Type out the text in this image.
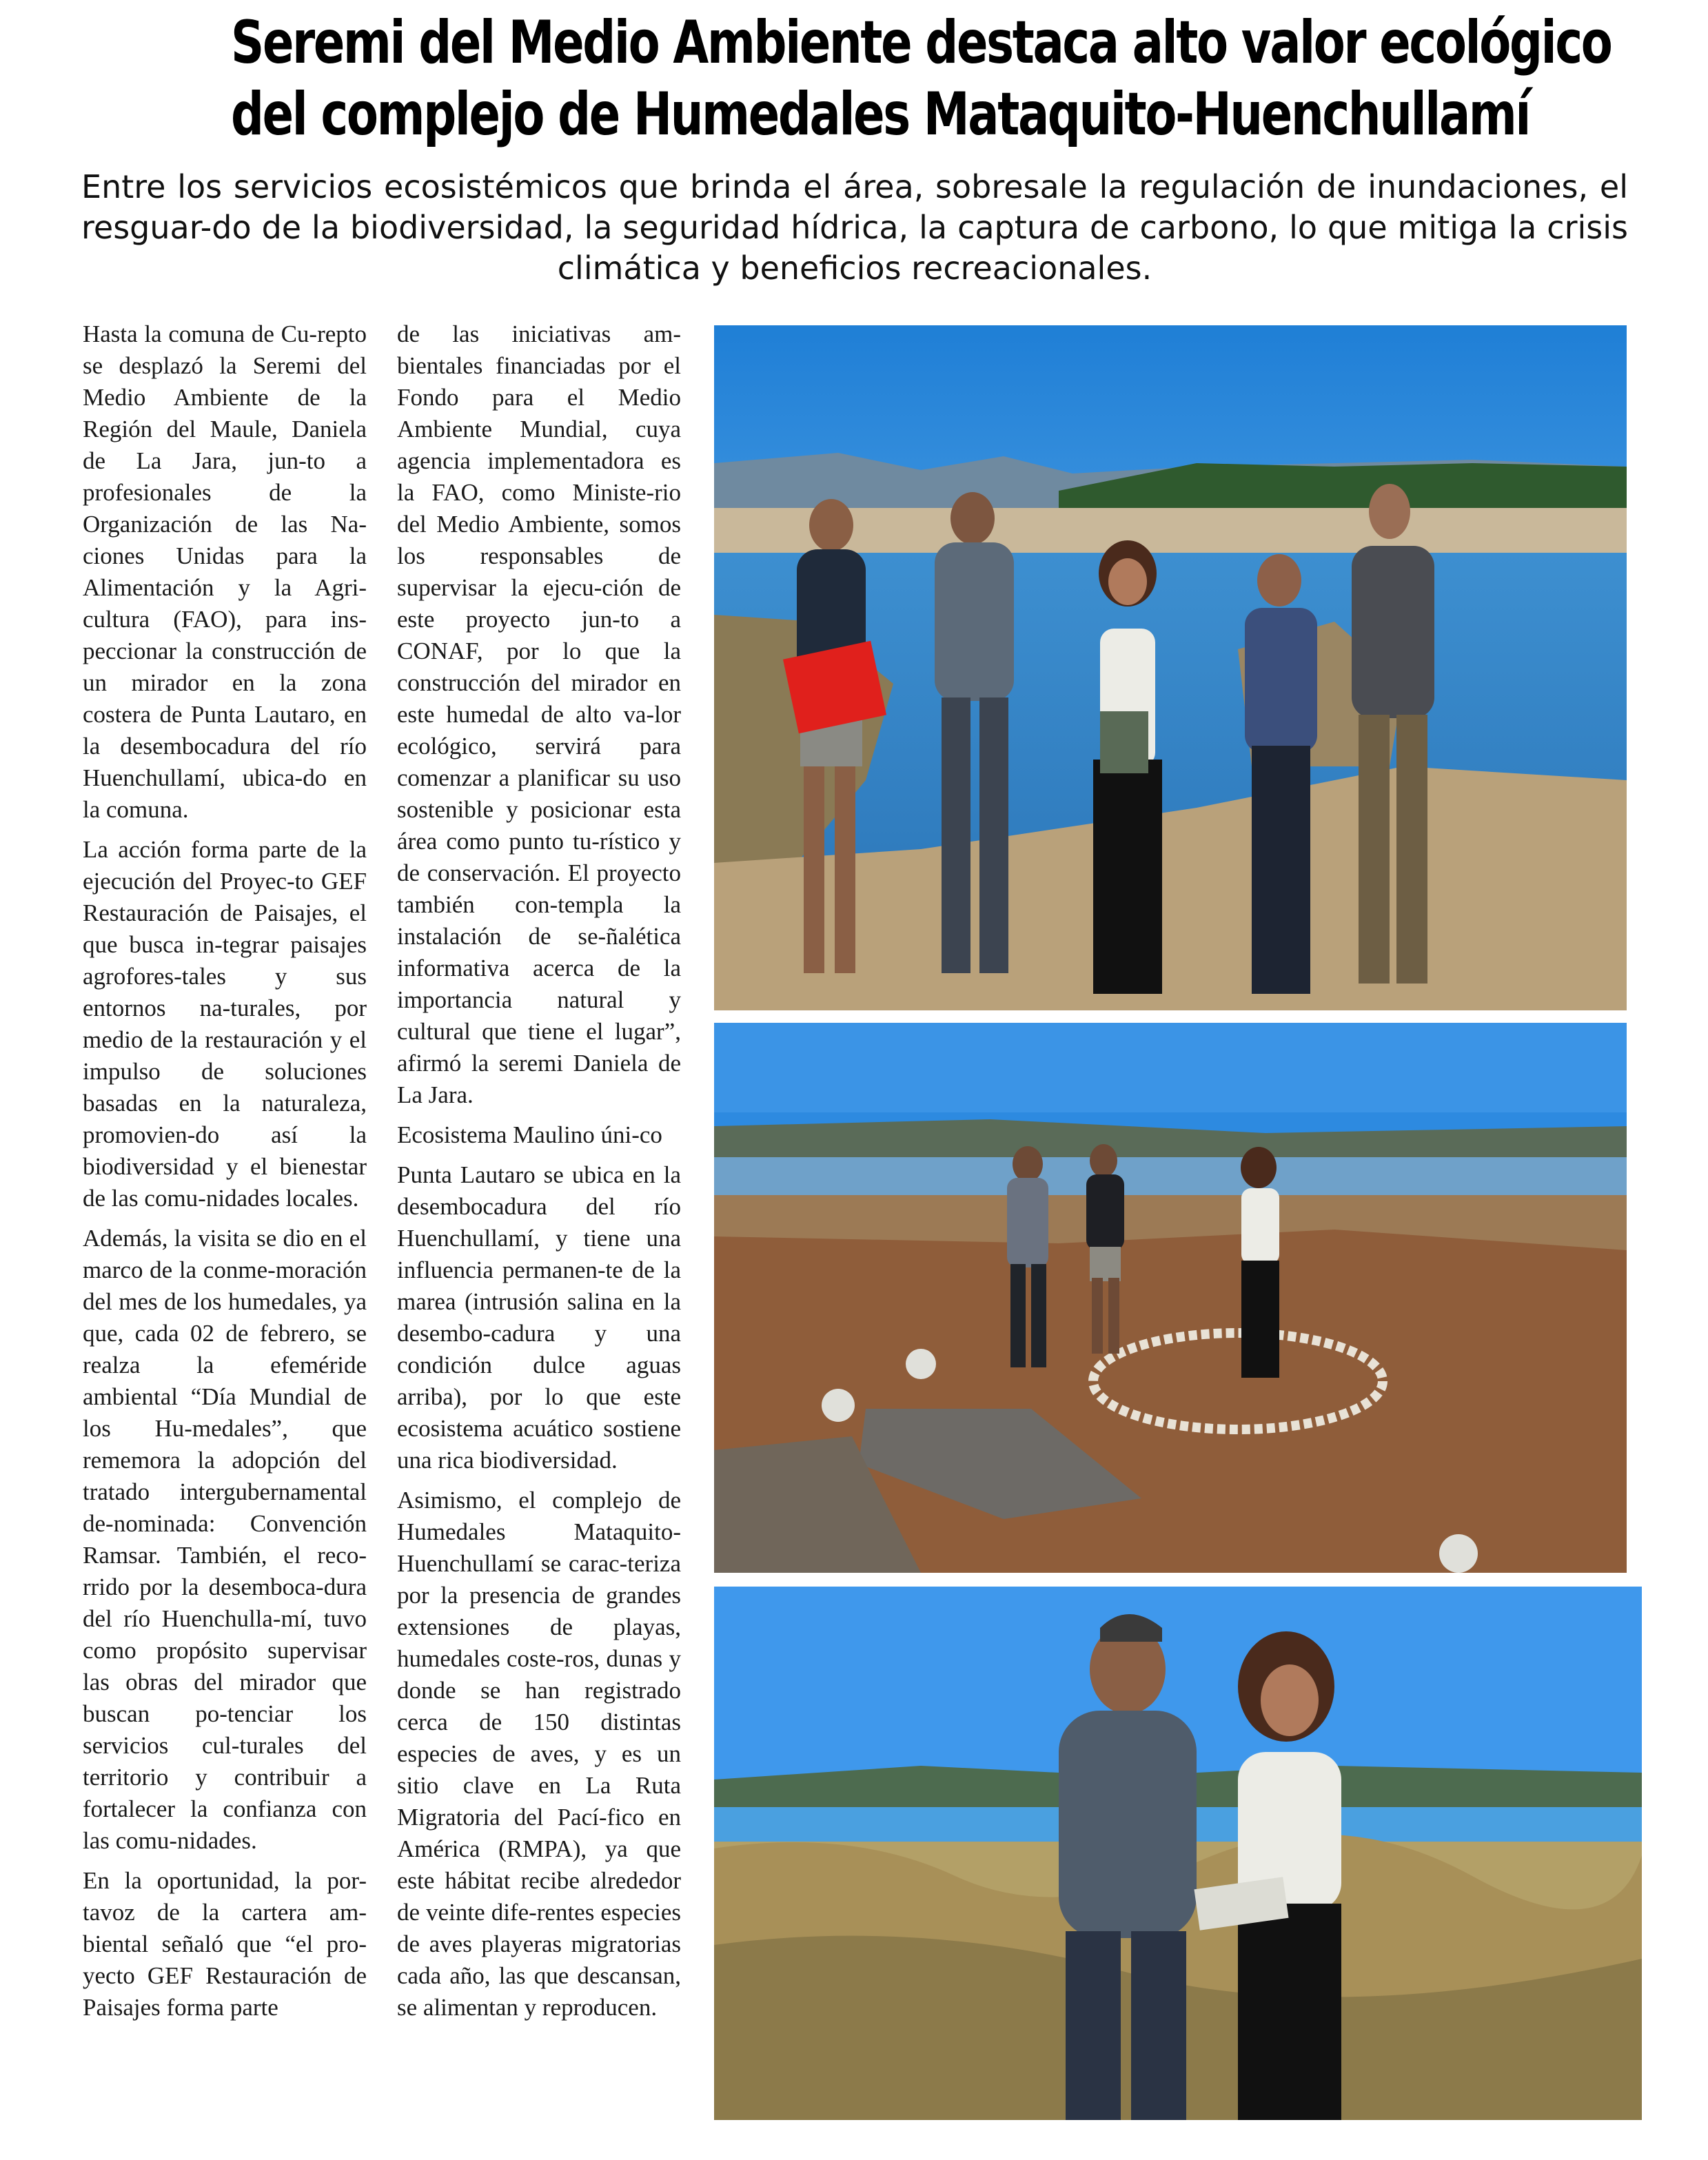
Seremi del Medio Ambiente destaca alto valor ecológico
del complejo de Humedales Mataquito-Huenchullamí
Entre los servicios ecosistémicos que brinda el área, sobresale la regulación de inundaciones, el resguar-do de la biodiversidad, la seguridad hídrica, la captura de carbono, lo que mitiga la crisis climática y beneficios recreacionales.

Hasta la comuna de Cu-repto se desplazó la Seremi del Medio Ambiente de la Región del Maule, Daniela de La Jara, jun-to a profesionales de la Organización de las Na-ciones Unidas para la Alimentación y la Agri-cultura (FAO), para ins-peccionar la construcción de un mirador en la zona costera de Punta Lautaro, en la desembocadura del río Huenchullamí, ubica-do en la comuna.

La acción forma parte de la ejecución del Proyec-to GEF Restauración de Paisajes, el que busca in-tegrar paisajes agrofores-tales y sus entornos na-turales, por medio de la restauración y el impulso de soluciones basadas en la naturaleza, promovien-do así la biodiversidad y el bienestar de las comu-nidades locales.

Además, la visita se dio en el marco de la conme-moración del mes de los humedales, ya que, cada 02 de febrero, se realza la efeméride ambiental “Día Mundial de los Hu-medales”, que rememora la adopción del tratado intergubernamental de-nominada: Convención Ramsar. También, el reco-rrido por la desemboca-dura del río Huenchulla-mí, tuvo como propósito supervisar las obras del mirador que buscan po-tenciar los servicios cul-turales del territorio y contribuir a fortalecer la confianza con las comu-nidades.

En la oportunidad, la por-tavoz de la cartera am-biental señaló que “el pro-yecto GEF Restauración de Paisajes forma parte

de las iniciativas am-bientales financiadas por el Fondo para el Medio Ambiente Mundial, cuya agencia implementadora es la FAO, como Ministe-rio del Medio Ambiente, somos los responsables de supervisar la ejecu-ción de este proyecto jun-to a CONAF, por lo que la construcción del mirador en este humedal de alto va-lor ecológico, servirá para comenzar a planificar su uso sostenible y posicionar esta área como punto tu-rístico y de conservación. El proyecto también con-templa la instalación de se-ñalética informativa acerca de la importancia natural y cultural que tiene el lugar”, afirmó la seremi Daniela de La Jara.

Ecosistema Maulino úni-co

Punta Lautaro se ubica en la desembocadura del río Huenchullamí, y tiene una influencia permanen-te de la marea (intrusión salina en la desembo-cadura y una condición dulce aguas arriba), por lo que este ecosistema acuático sostiene una rica biodiversidad.

Asimismo, el complejo de Humedales Mataquito-Huenchullamí se carac-teriza por la presencia de grandes extensiones de playas, humedales coste-ros, dunas y donde se han registrado cerca de 150 distintas especies de aves, y es un sitio clave en La Ruta Migratoria del Pací-fico en América (RMPA), ya que este hábitat recibe alrededor de veinte dife-rentes especies de aves playeras migratorias cada año, las que descansan, se alimentan y reproducen.
